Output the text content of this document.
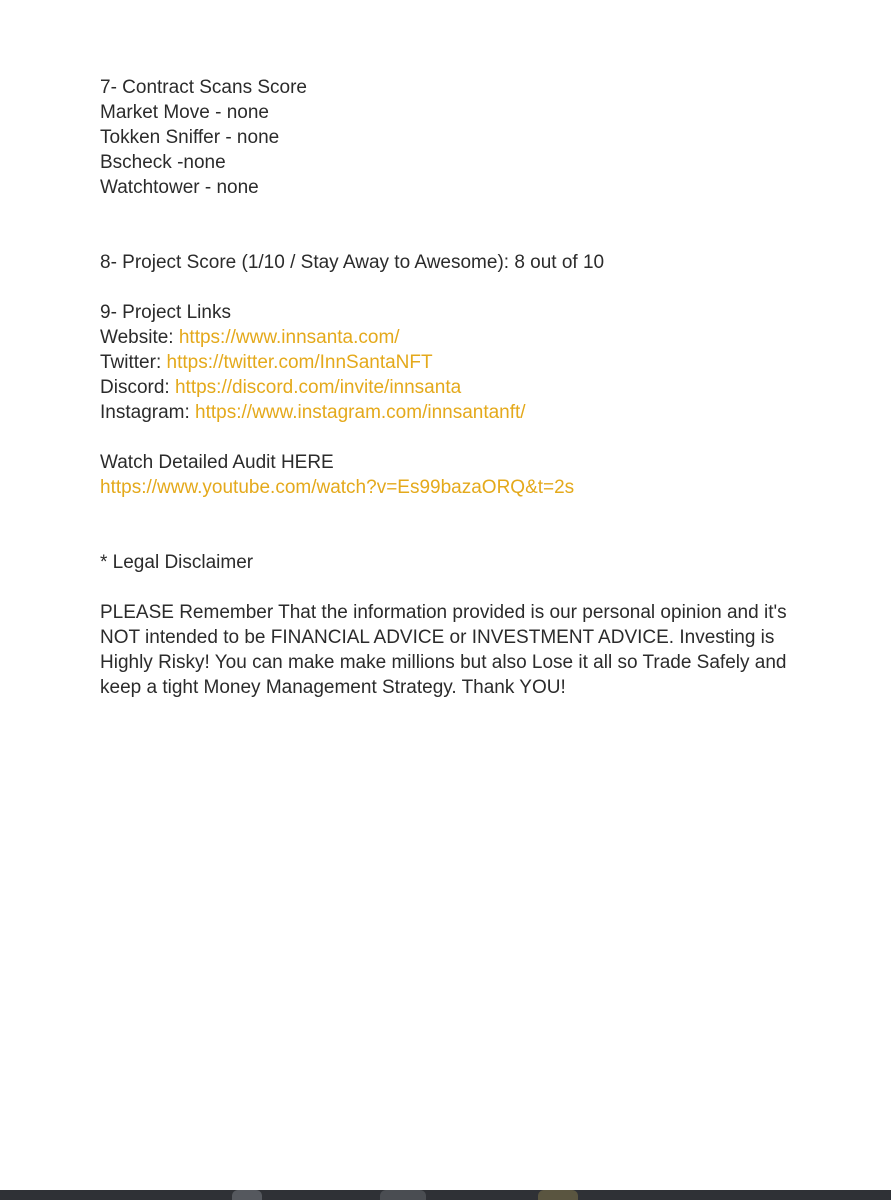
7- Contract Scans Score
Market Move - none
Tokken Sniffer - none
Bscheck -none
Watchtower - none
8- Project Score (1/10 / Stay Away to Awesome): 8 out of 10
9- Project Links
Website: https://www.innsanta.com/
Twitter: https://twitter.com/InnSantaNFT
Discord: https://discord.com/invite/innsanta
Instagram: https://www.instagram.com/innsantanft/
Watch Detailed Audit HERE
https://www.youtube.com/watch?v=Es99bazaORQ&t=2s
* Legal Disclaimer
PLEASE Remember That the information provided is our personal opinion and it's NOT intended to be FINANCIAL ADVICE or INVESTMENT ADVICE. Investing is Highly Risky! You can make make millions but also Lose it all so Trade Safely and keep a tight Money Management Strategy. Thank YOU!
